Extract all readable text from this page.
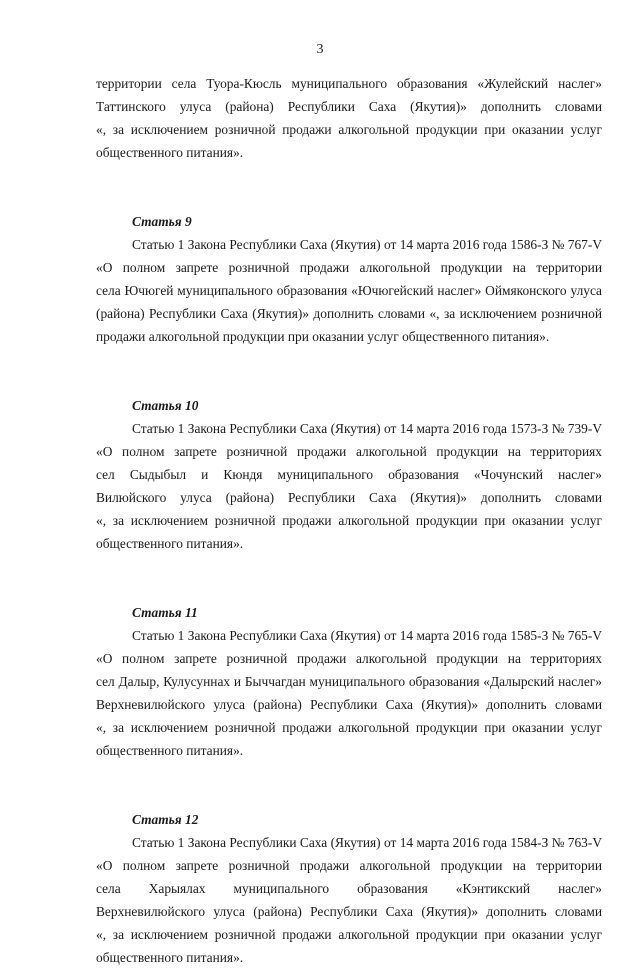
3
территории села Туора-Кюсль муниципального образования «Жулейский наслег»
Таттинского улуса (района) Республики Саха (Якутия)» дополнить словами
«, за исключением розничной продажи алкогольной продукции при оказании услуг
общественного питания».
Статья 9
Статью 1 Закона Республики Саха (Якутия) от 14 марта 2016 года 1586-З № 767-V
«О полном запрете розничной продажи алкогольной продукции на территории
села Ючюгей муниципального образования «Ючюгейский наслег» Оймяконского улуса
(района) Республики Саха (Якутия)» дополнить словами «, за исключением розничной
продажи алкогольной продукции при оказании услуг общественного питания».
Статья 10
Статью 1 Закона Республики Саха (Якутия) от 14 марта 2016 года 1573-З № 739-V
«О полном запрете розничной продажи алкогольной продукции на территориях
сел Сыдыбыл и Кюндя муниципального образования «Чочунский наслег»
Вилюйского улуса (района) Республики Саха (Якутия)» дополнить словами
«, за исключением розничной продажи алкогольной продукции при оказании услуг
общественного питания».
Статья 11
Статью 1 Закона Республики Саха (Якутия) от 14 марта 2016 года 1585-З № 765-V
«О полном запрете розничной продажи алкогольной продукции на территориях
сел Далыр, Кулусуннах и Быччагдан муниципального образования «Далырский наслег»
Верхневилюйского улуса (района) Республики Саха (Якутия)» дополнить словами
«, за исключением розничной продажи алкогольной продукции при оказании услуг
общественного питания».
Статья 12
Статью 1 Закона Республики Саха (Якутия) от 14 марта 2016 года 1584-З № 763-V
«О полном запрете розничной продажи алкогольной продукции на территории
села Харыялах муниципального образования «Кэнтикский наслег»
Верхневилюйского улуса (района) Республики Саха (Якутия)» дополнить словами
«, за исключением розничной продажи алкогольной продукции при оказании услуг
общественного питания».
